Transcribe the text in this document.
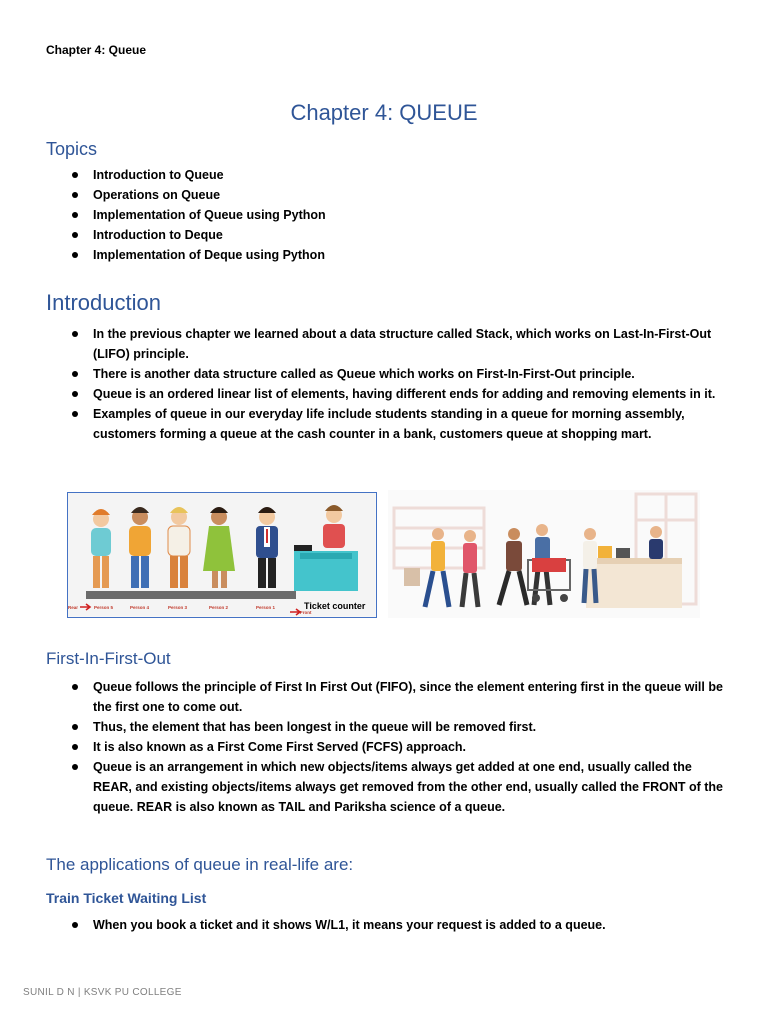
Chapter 4: Queue
Chapter 4: QUEUE
Topics
Introduction to Queue
Operations on Queue
Implementation of Queue using Python
Introduction to Deque
Implementation of Deque using Python
Introduction
In the previous chapter we learned about a data structure called Stack, which works on Last-In-First-Out (LIFO) principle.
There is another data structure called as Queue which works on First-In-First-Out principle.
Queue is an ordered linear list of elements, having different ends for adding and removing elements in it.
Examples of queue in our everyday life include students standing in a queue for morning assembly, customers forming a queue at the cash counter in a bank, customers queue at shopping mart.
Person 5	Person 4	Person 3	Person 2	Person 1
Rear
Front
Ticket counter
First-In-First-Out
Queue follows the principle of First In First Out (FIFO), since the element entering first in the queue will be the first one to come out.
Thus, the element that has been longest in the queue will be removed first.
It is also known as a First Come First Served (FCFS) approach.
Queue is an arrangement in which new objects/items always get added at one end, usually called the REAR, and existing objects/items always get removed from the other end, usually called the FRONT of the queue. REAR is also known as TAIL and Pariksha science of a queue.
The applications of queue in real-life are:
Train Ticket Waiting List
When you book a ticket and it shows W/L1, it means your request is added to a queue.
SUNIL D N | KSVK PU COLLEGE
